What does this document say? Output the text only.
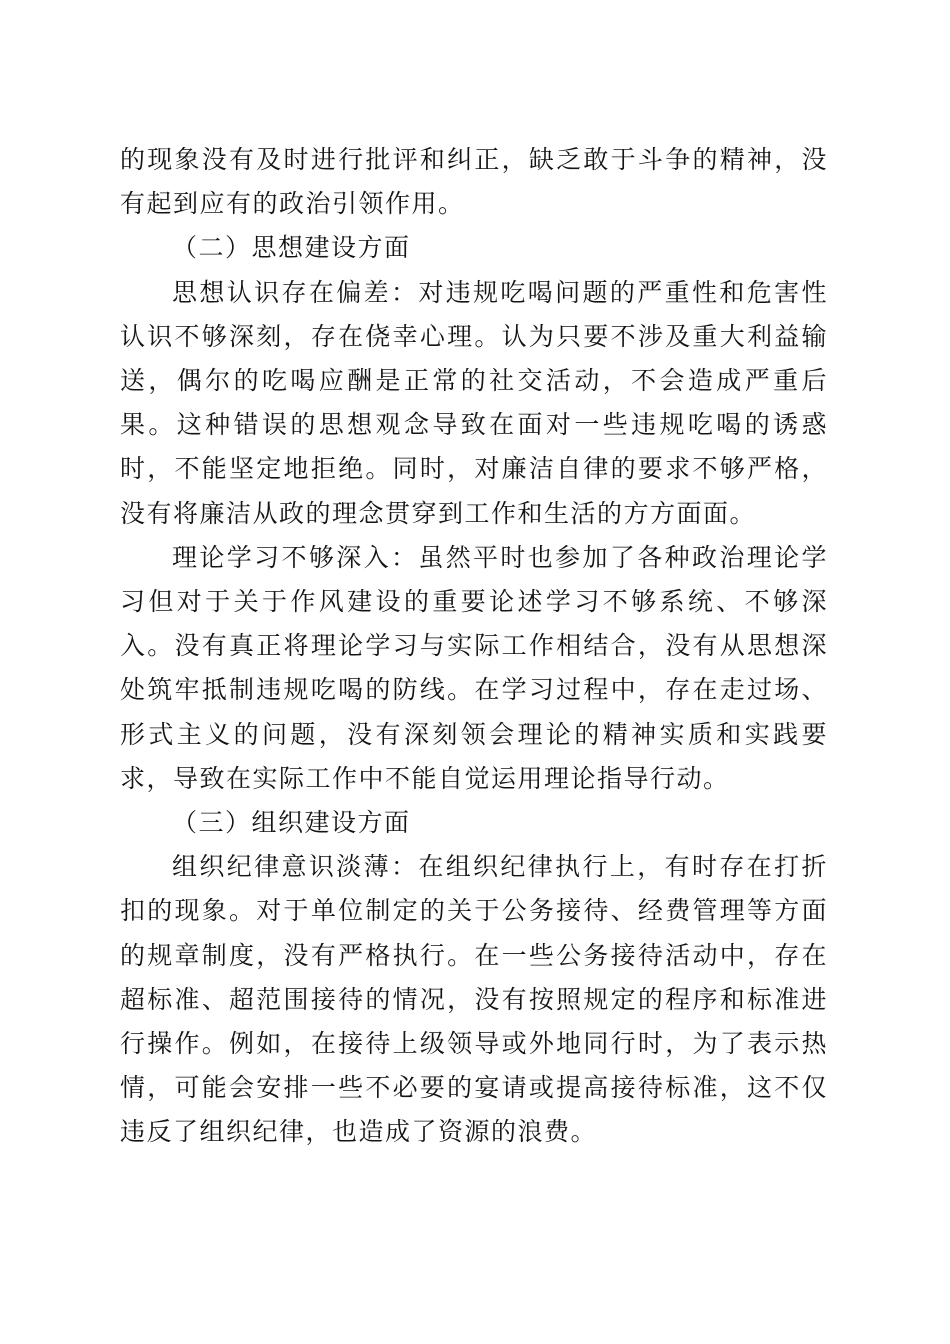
的现象没有及时进行批评和纠正，缺乏敢于斗争的精神，没有起到应有的政治引领作用。

（二）思想建设方面

思想认识存在偏差：对违规吃喝问题的严重性和危害性认识不够深刻，存在侥幸心理。认为只要不涉及重大利益输送，偶尔的吃喝应酬是正常的社交活动，不会造成严重后果。这种错误的思想观念导致在面对一些违规吃喝的诱惑时，不能坚定地拒绝。同时，对廉洁自律的要求不够严格，没有将廉洁从政的理念贯穿到工作和生活的方方面面。

理论学习不够深入：虽然平时也参加了各种政治理论学习但对于关于作风建设的重要论述学习不够系统、不够深入。没有真正将理论学习与实际工作相结合，没有从思想深处筑牢抵制违规吃喝的防线。在学习过程中，存在走过场、形式主义的问题，没有深刻领会理论的精神实质和实践要求，导致在实际工作中不能自觉运用理论指导行动。

（三）组织建设方面

组织纪律意识淡薄：在组织纪律执行上，有时存在打折扣的现象。对于单位制定的关于公务接待、经费管理等方面的规章制度，没有严格执行。在一些公务接待活动中，存在超标准、超范围接待的情况，没有按照规定的程序和标准进行操作。例如，在接待上级领导或外地同行时，为了表示热情，可能会安排一些不必要的宴请或提高接待标准，这不仅违反了组织纪律，也造成了资源的浪费。
